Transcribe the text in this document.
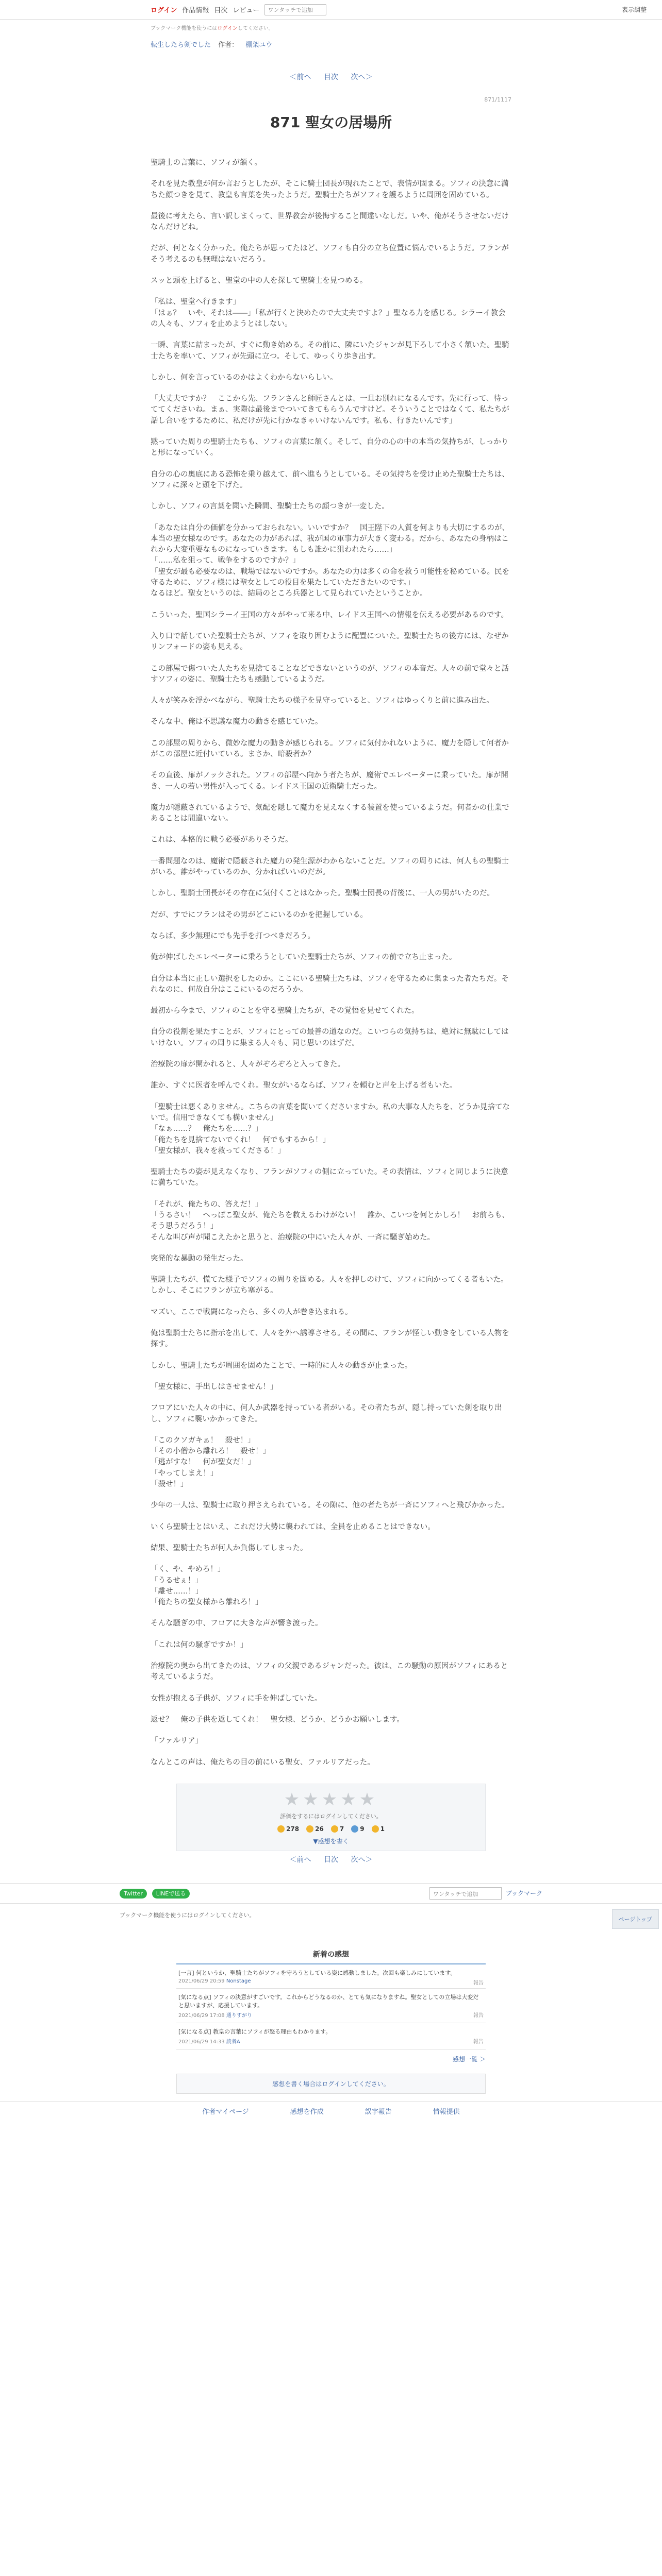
ログイン 作品情報 目次 レビュー	ワンタッチで追加	表示調整
ブックマーク機能を使うにはログインしてください。
転生したら剣でした 作者： 棚架ユウ
＜前へ 目次 次へ＞
871/1117
871 聖女の居場所

聖騎士の言葉に、ソフィが頷く。

それを見た教皇が何か言おうとしたが、そこに騎士団長が現れたことで、表情が固まる。ソフィの決意に満ちた顔つきを見て、教皇も言葉を失ったようだ。聖騎士たちがソフィを護るように周囲を固めている。

最後に考えたら、言い訳しまくって、世界教会が後悔すること間違いなしだ。いや、俺がそうさせないだけなんだけどね。

だが、何となく分かった。俺たちが思ってたほど、ソフィも自分の立ち位置に悩んでいるようだ。フランがそう考えるのも無理はないだろう。

スッと頭を上げると、聖堂の中の人を探して聖騎士を見つめる。

「私は、聖堂へ行きます」
「はぁ？　いや、それは――」「私が行くと決めたので大丈夫ですよ？」聖なる力を感じる。シラーイ教会の人々も、ソフィを止めようとはしない。

一瞬、言葉に詰まったが、すぐに動き始める。その前に、隣にいたジャンが見下ろして小さく頷いた。聖騎士たちを率いて、ソフィが先頭に立つ。そして、ゆっくり歩き出す。

しかし、何を言っているのかはよくわからないらしい。

「大丈夫ですか？　ここから先、フランさんと師匠さんとは、一旦お別れになるんです。先に行って、待っててくださいね。まぁ、実際は最後までついてきてもらうんですけど。そういうことではなくて、私たちが話し合いをするために、私だけが先に行かなきゃいけないんです。私も、行きたいんです」

黙っていた周りの聖騎士たちも、ソフィの言葉に頷く。そして、自分の心の中の本当の気持ちが、しっかりと形になっていく。

自分の心の奥底にある恐怖を乗り越えて、前へ進もうとしている。その気持ちを受け止めた聖騎士たちは、ソフィに深々と頭を下げた。

しかし、ソフィの言葉を聞いた瞬間、聖騎士たちの顔つきが一変した。

「あなたは自分の価値を分かっておられない。いいですか？　国王陛下の人質を何よりも大切にするのが、本当の聖女様なのです。あなたの力があれば、我が国の軍事力が大きく変わる。だから、あなたの身柄はこれから大変重要なものになっていきます。もしも誰かに狙われたら……」
「……私を狙って、戦争をするのですか？」
「聖女が最も必要なのは、戦場ではないのですか。あなたの力は多くの命を救う可能性を秘めている。民を守るために、ソフィ様には聖女としての役目を果たしていただきたいのです。」
なるほど。聖女というのは、結局のところ兵器として見られていたということか。

こういった、聖国シラーイ王国の方々がやって来る中、レイドス王国への情報を伝える必要があるのです。

入り口で話していた聖騎士たちが、ソフィを取り囲むように配置についた。聖騎士たちの後方には、なぜかリンフォードの姿も見える。

この部屋で傷ついた人たちを見捨てることなどできないというのが、ソフィの本音だ。人々の前で堂々と話すソフィの姿に、聖騎士たちも感動しているようだ。

人々が笑みを浮かべながら、聖騎士たちの様子を見守っていると、ソフィはゆっくりと前に進み出た。

そんな中、俺は不思議な魔力の動きを感じていた。

この部屋の周りから、微妙な魔力の動きが感じられる。ソフィに気付かれないように、魔力を隠して何者かがこの部屋に近付いている。まさか、暗殺者か？

その直後、扉がノックされた。ソフィの部屋へ向かう者たちが、魔術でエレベーターに乗っていた。扉が開き、一人の若い男性が入ってくる。レイドス王国の近衛騎士だった。

魔力が隠蔽されているようで、気配を隠して魔力を見えなくする装置を使っているようだ。何者かの仕業であることは間違いない。

これは、本格的に戦う必要がありそうだ。

一番問題なのは、魔術で隠蔽された魔力の発生源がわからないことだ。ソフィの周りには、何人もの聖騎士がいる。誰がやっているのか、分かればいいのだが。

しかし、聖騎士団長がその存在に気付くことはなかった。聖騎士団長の背後に、一人の男がいたのだ。

だが、すでにフランはその男がどこにいるのかを把握している。

ならば、多少無理にでも先手を打つべきだろう。

俺が伸ばしたエレベーターに乗ろうとしていた聖騎士たちが、ソフィの前で立ち止まった。

自分は本当に正しい選択をしたのか。ここにいる聖騎士たちは、ソフィを守るために集まった者たちだ。それなのに、何故自分はここにいるのだろうか。

最初から今まで、ソフィのことを守る聖騎士たちが、その覚悟を見せてくれた。

自分の役割を果たすことが、ソフィにとっての最善の道なのだ。こいつらの気持ちは、絶対に無駄にしてはいけない。ソフィの周りに集まる人々も、同じ思いのはずだ。

治療院の扉が開かれると、人々がぞろぞろと入ってきた。

誰か、すぐに医者を呼んでくれ。聖女がいるならば、ソフィを頼むと声を上げる者もいた。

「聖騎士は悪くありません。こちらの言葉を聞いてくださいますか。私の大事な人たちを、どうか見捨てないで。信用できなくても構いません」
「なぁ……？　俺たちを……？」
「俺たちを見捨てないでくれ！　何でもするから！」
「聖女様が、我々を救ってくださる！」

聖騎士たちの姿が見えなくなり、フランがソフィの側に立っていた。その表情は、ソフィと同じように決意に満ちていた。

「それが、俺たちの、答えだ！」
「うるさい！　へっぽこ聖女が、俺たちを救えるわけがない！　誰か、こいつを何とかしろ！　お前らも、そう思うだろう！」
そんな叫び声が聞こえたかと思うと、治療院の中にいた人々が、一斉に騒ぎ始めた。

突発的な暴動の発生だった。

聖騎士たちが、慌てた様子でソフィの周りを固める。人々を押しのけて、ソフィに向かってくる者もいた。しかし、そこにフランが立ち塞がる。

マズい。ここで戦闘になったら、多くの人が巻き込まれる。

俺は聖騎士たちに指示を出して、人々を外へ誘導させる。その間に、フランが怪しい動きをしている人物を探す。

しかし、聖騎士たちが周囲を固めたことで、一時的に人々の動きが止まった。

「聖女様に、手出しはさせません！」

フロアにいた人々の中に、何人か武器を持っている者がいる。その者たちが、隠し持っていた剣を取り出し、ソフィに襲いかかってきた。

「このクソガキぁ！　殺せ！」
「その小僧から離れろ！　殺せ！」
「逃がすな！　何が聖女だ！」
「やってしまえ！」
「殺せ！」

少年の一人は、聖騎士に取り押さえられている。その隙に、他の者たちが一斉にソフィへと飛びかかった。

いくら聖騎士とはいえ、これだけ大勢に襲われては、全員を止めることはできない。

結果、聖騎士たちが何人か負傷してしまった。

「く、や、やめろ！」
「うるせぇ！」
「離せ……！」
「俺たちの聖女様から離れろ！」

そんな騒ぎの中、フロアに大きな声が響き渡った。

「これは何の騒ぎですか！」

治療院の奥から出てきたのは、ソフィの父親であるジャンだった。彼は、この騒動の原因がソフィにあると考えているようだ。

女性が抱える子供が、ソフィに手を伸ばしていた。

返せ？　俺の子供を返してくれ！　聖女様、どうか、どうかお願いします。

「ファルリア」

なんとこの声は、俺たちの目の前にいる聖女、ファルリアだった。

★★★★★
評価をするにはログインしてください。
278	26	7	9	1
▼感想を書く
＜前へ 目次 次へ＞
Twitter LINEで送る	ワンタッチで追加	ブックマーク
ブックマーク機能を使うにはログインしてください。
新着の感想
[一言] 何というか、聖騎士たちがソフィを守ろうとしている姿に感動しました。次回も楽しみにしています。
2021/06/29 20:59 Nonstage	報告
[気になる点] ソフィの決意がすごいです。これからどうなるのか、とても気になりますね。聖女としての立場は大変だと思いますが、応援しています。
2021/06/29 17:08 通りすがり	報告
[気になる点] 教皇の言葉にソフィが怒る理由もわかります。
2021/06/29 14:33 読者A	報告
感想一覧 ＞
感想を書く場合はログインしてください。
作者マイページ	感想を作成	誤字報告	情報提供
ページトップ
